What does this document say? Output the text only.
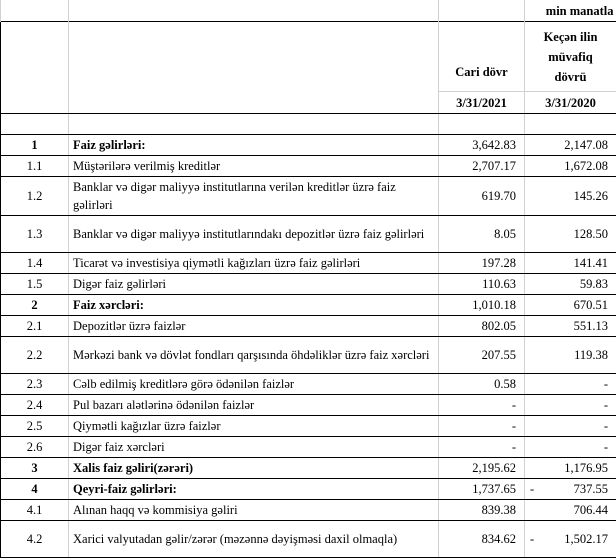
			min manatla
		Cari dövr	Keçən ilin
müvafiq
dövrü

		3/31/2021	3/31/2020

1	Faiz gəlirləri:	3,642.83	2,147.08
1.1	Müştərilərə verilmiş kreditlər	2,707.17	1,672.08
1.2	Banklar və digər maliyyə institutlarına verilən kreditlər üzrə faiz gəlirləri	619.70	145.26
1.3	Banklar və digər maliyyə institutlarındakı depozitlər üzrə faiz gəlirləri	8.05	128.50
1.4	Ticarət və investisiya qiymətli kağızları üzrə faiz gəlirləri	197.28	141.41
1.5	Digər faiz gəlirləri	110.63	59.83
2	Faiz xərcləri:	1,010.18	670.51
2.1	Depozitlər üzrə faizlər	802.05	551.13
2.2	Mərkəzi bank və dövlət fondları qarşısında öhdəliklər üzrə faiz xərcləri	207.55	119.38
2.3	Cəlb edilmiş kreditlərə görə ödənilən faizlər	0.58	-
2.4	Pul bazarı alətlərinə ödənilən faizlər	-	-
2.5	Qiymətli kağızlar üzrə faizlər	-	-
2.6	Digər faiz xərcləri	-	-
3	Xalis faiz gəliri(zərəri)	2,195.62	1,176.95
4	Qeyri-faiz gəlirləri:	1,737.65	- 737.55
4.1	Alınan haqq və kommisiya gəliri	839.38	706.44
4.2	Xarici valyutadan gəlir/zərər (məzənnə dəyişməsi daxil olmaqla)	834.62	- 1,502.17
